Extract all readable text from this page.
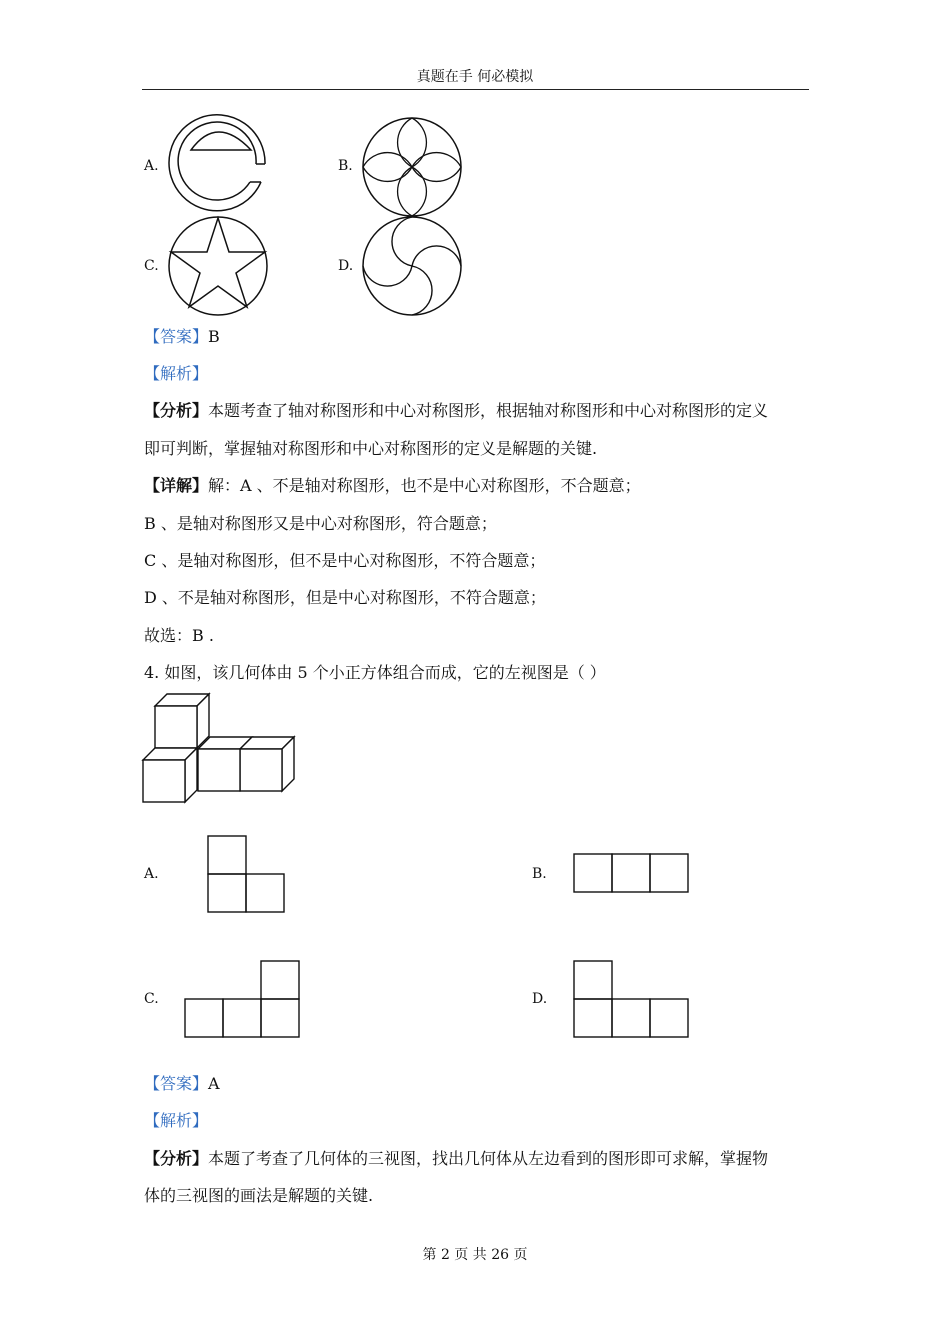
真题在手 何必模拟
A.	B.
C.	D.
【答案】B
【解析】
【分析】本题考查了轴对称图形和中心对称图形，根据轴对称图形和中心对称图形的定义
即可判断，掌握轴对称图形和中心对称图形的定义是解题的关键.
【详解】解：A 、不是轴对称图形，也不是中心对称图形，不合题意；
B 、是轴对称图形又是中心对称图形，符合题意；
C 、是轴对称图形，但不是中心对称图形，不符合题意；
D 、不是轴对称图形，但是中心对称图形，不符合题意；
故选：B .
4. 如图，该几何体由 5 个小正方体组合而成，它的左视图是（ ）
A.	B.
C.	D.
【答案】A
【解析】
【分析】本题了考查了几何体的三视图，找出几何体从左边看到的图形即可求解，掌握物
体的三视图的画法是解题的关键.
第 2 页 共 26 页
